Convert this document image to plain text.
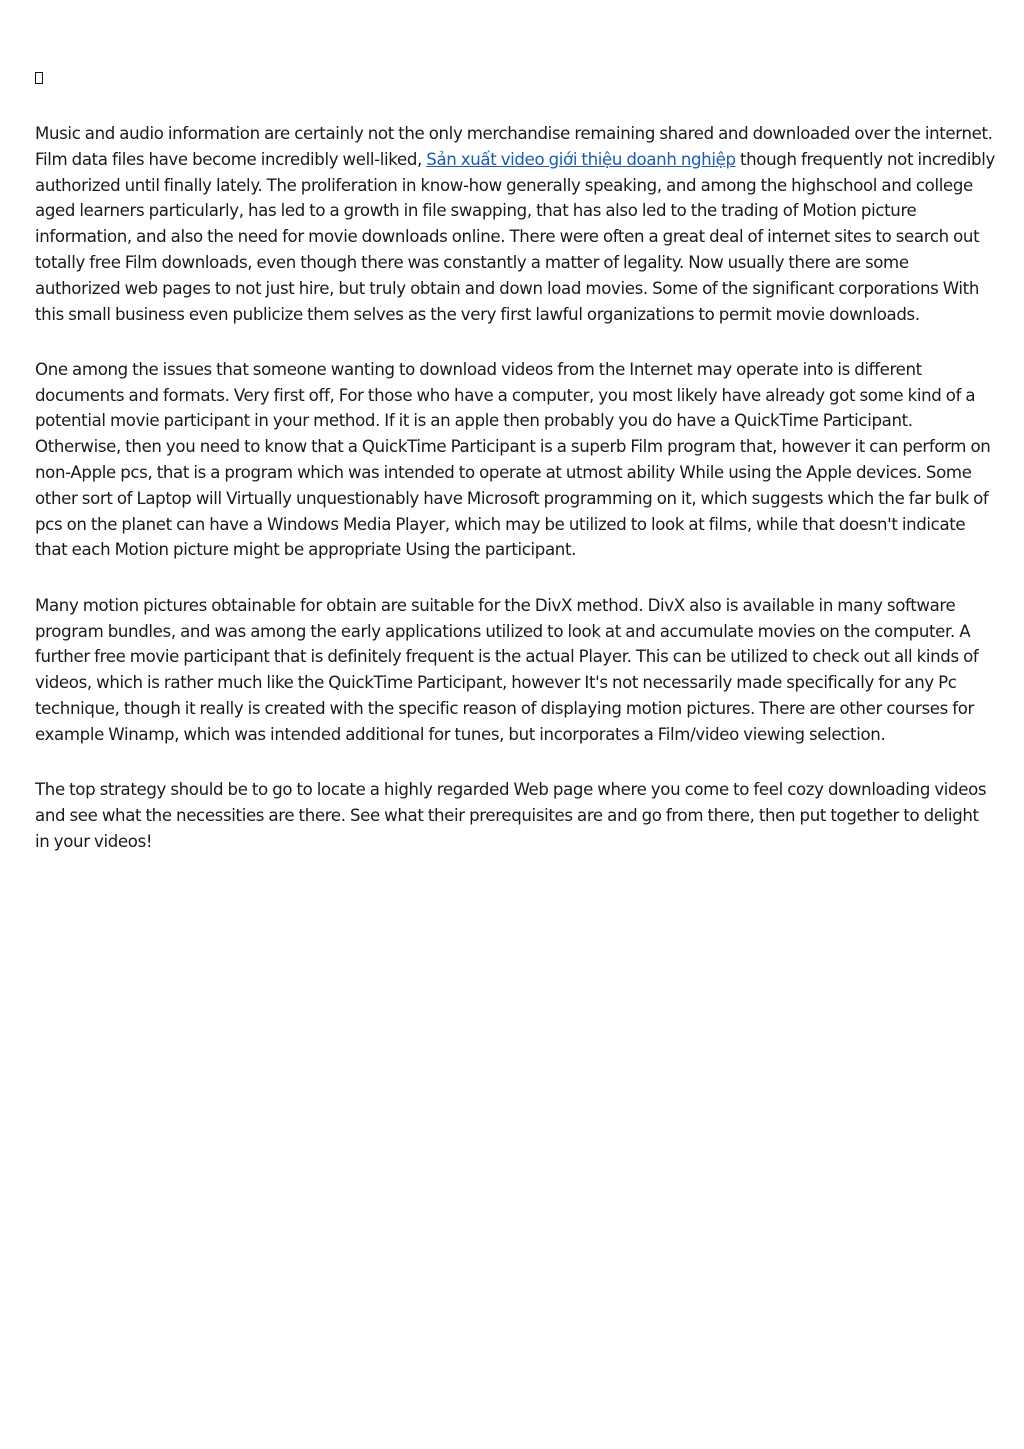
Music and audio information are certainly not the only merchandise remaining shared and downloaded over the internet. Film data files have become incredibly well-liked, Sản xuất video giới thiệu doanh nghiệp though frequently not incredibly authorized until finally lately. The proliferation in know-how generally speaking, and among the highschool and college aged learners particularly, has led to a growth in file swapping, that has also led to the trading of Motion picture information, and also the need for movie downloads online. There were often a great deal of internet sites to search out totally free Film downloads, even though there was constantly a matter of legality. Now usually there are some authorized web pages to not just hire, but truly obtain and down load movies. Some of the significant corporations With this small business even publicize them selves as the very first lawful organizations to permit movie downloads.

One among the issues that someone wanting to download videos from the Internet may operate into is different documents and formats. Very first off, For those who have a computer, you most likely have already got some kind of a potential movie participant in your method. If it is an apple then probably you do have a QuickTime Participant. Otherwise, then you need to know that a QuickTime Participant is a superb Film program that, however it can perform on non-Apple pcs, that is a program which was intended to operate at utmost ability While using the Apple devices. Some other sort of Laptop will Virtually unquestionably have Microsoft programming on it, which suggests which the far bulk of pcs on the planet can have a Windows Media Player, which may be utilized to look at films, while that doesn't indicate that each Motion picture might be appropriate Using the participant.

Many motion pictures obtainable for obtain are suitable for the DivX method. DivX also is available in many software program bundles, and was among the early applications utilized to look at and accumulate movies on the computer. A further free movie participant that is definitely frequent is the actual Player. This can be utilized to check out all kinds of videos, which is rather much like the QuickTime Participant, however It's not necessarily made specifically for any Pc technique, though it really is created with the specific reason of displaying motion pictures. There are other courses for example Winamp, which was intended additional for tunes, but incorporates a Film/video viewing selection.

The top strategy should be to go to locate a highly regarded Web page where you come to feel cozy downloading videos and see what the necessities are there. See what their prerequisites are and go from there, then put together to delight in your videos!
